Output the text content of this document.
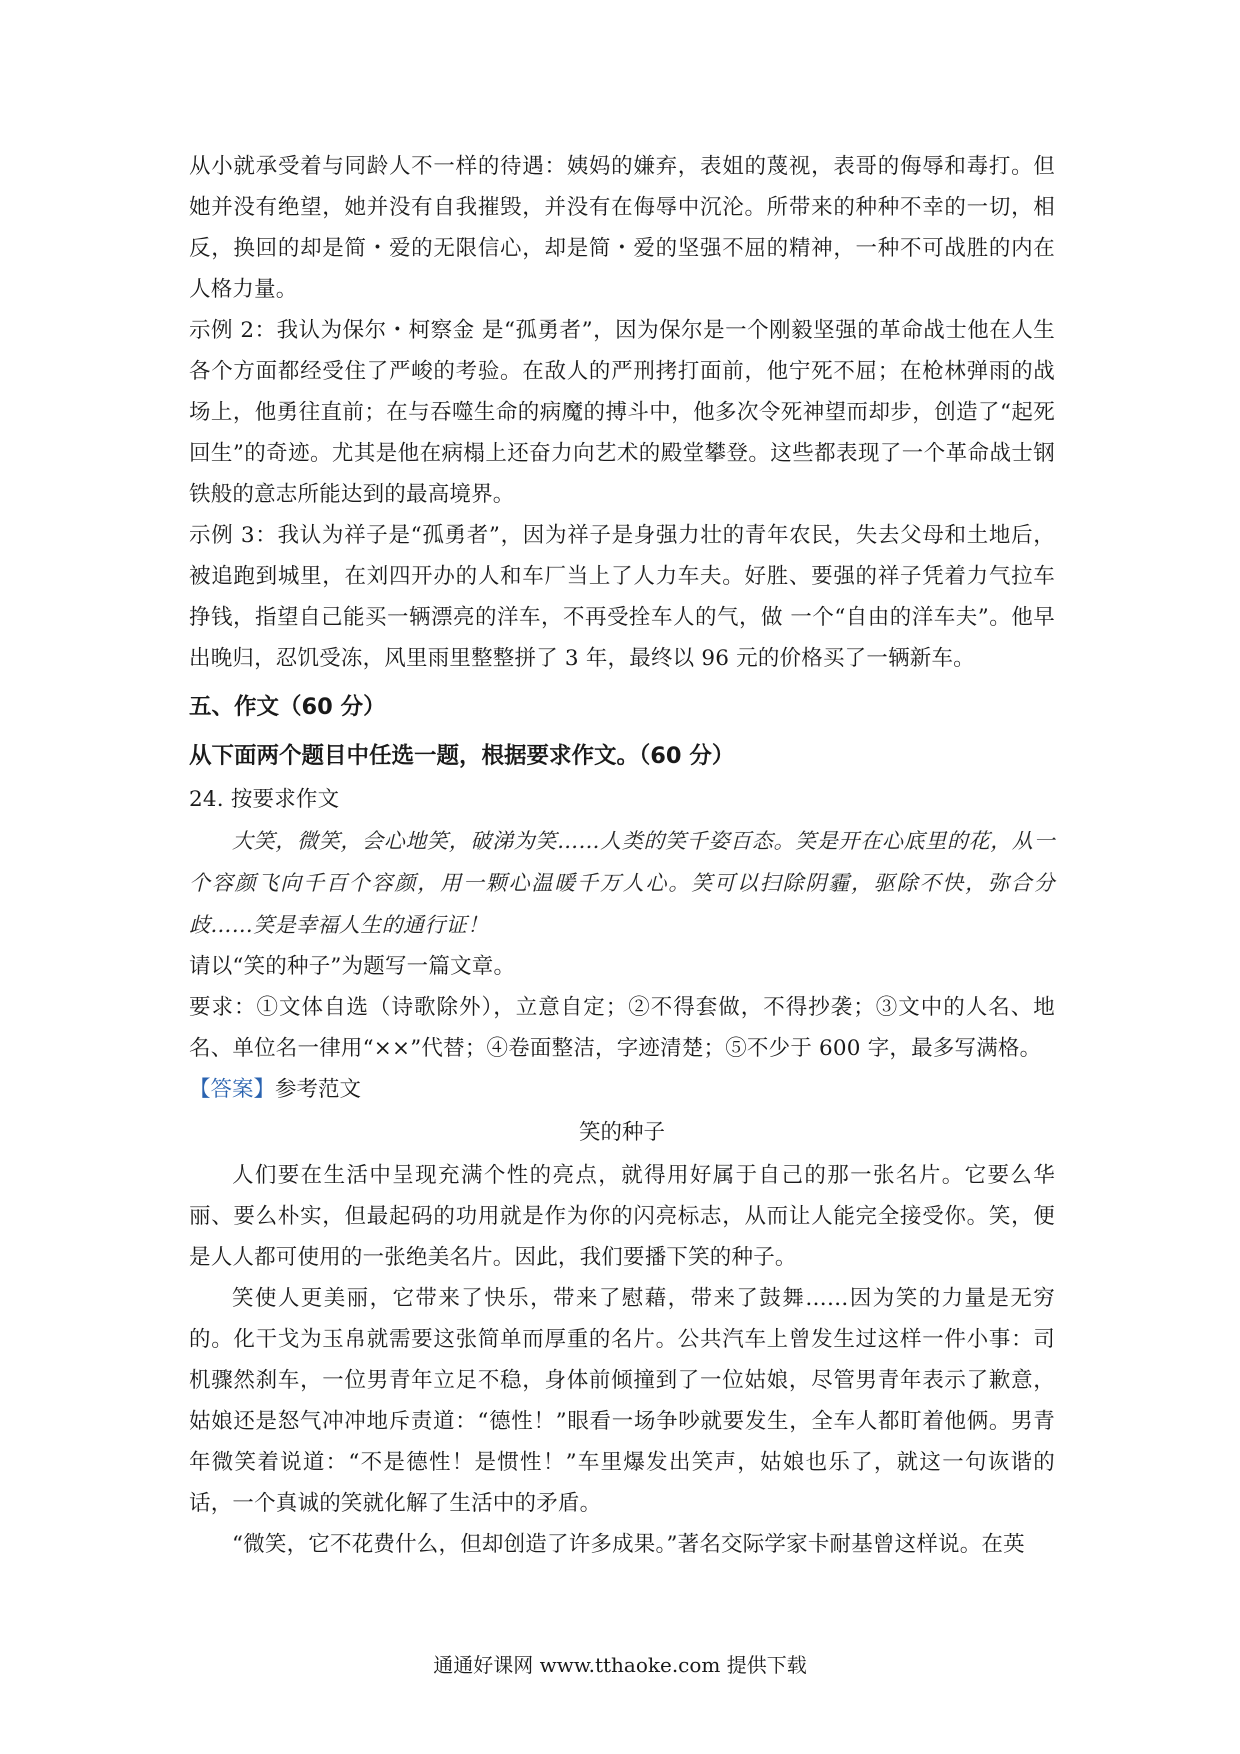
从小就承受着与同龄人不一样的待遇：姨妈的嫌弃，表姐的蔑视，表哥的侮辱和毒打。但她并没有绝望，她并没有自我摧毁，并没有在侮辱中沉沦。所带来的种种不幸的一切，相反，换回的却是简・爱的无限信心，却是简・爱的坚强不屈的精神，一种不可战胜的内在人格力量。

示例 2：我认为保尔・柯察金 是“孤勇者”，因为保尔是一个刚毅坚强的革命战士他在人生各个方面都经受住了严峻的考验。在敌人的严刑拷打面前，他宁死不屈；在枪林弹雨的战场上，他勇往直前；在与吞噬生命的病魔的搏斗中，他多次令死神望而却步，创造了“起死回生”的奇迹。尤其是他在病榻上还奋力向艺术的殿堂攀登。这些都表现了一个革命战士钢铁般的意志所能达到的最高境界。

示例 3：我认为祥子是“孤勇者”，因为祥子是身强力壮的青年农民，失去父母和土地后，被追跑到城里，在刘四开办的人和车厂当上了人力车夫。好胜、要强的祥子凭着力气拉车挣钱，指望自己能买一辆漂亮的洋车，不再受拴车人的气，做 一个“自由的洋车夫”。他早出晚归，忍饥受冻，风里雨里整整拼了 3 年，最终以 96 元的价格买了一辆新车。

五、作文（60 分）

从下面两个题目中任选一题，根据要求作文。（60 分）

24. 按要求作文

大笑，微笑，会心地笑，破涕为笑……人类的笑千姿百态。笑是开在心底里的花，从一个容颜飞向千百个容颜，用一颗心温暖千万人心。笑可以扫除阴霾，驱除不快，弥合分歧……笑是幸福人生的通行证！

请以“笑的种子”为题写一篇文章。

要求：①文体自选（诗歌除外），立意自定；②不得套做，不得抄袭；③文中的人名、地名、单位名一律用“××”代替；④卷面整洁，字迹清楚；⑤不少于 600 字，最多写满格。

【答案】参考范文

笑的种子

人们要在生活中呈现充满个性的亮点，就得用好属于自己的那一张名片。它要么华丽、要么朴实，但最起码的功用就是作为你的闪亮标志，从而让人能完全接受你。笑，便是人人都可使用的一张绝美名片。因此，我们要播下笑的种子。

笑使人更美丽，它带来了快乐，带来了慰藉，带来了鼓舞……因为笑的力量是无穷的。化干戈为玉帛就需要这张简单而厚重的名片。公共汽车上曾发生过这样一件小事：司机骤然刹车，一位男青年立足不稳，身体前倾撞到了一位姑娘，尽管男青年表示了歉意，姑娘还是怒气冲冲地斥责道：“德性！”眼看一场争吵就要发生，全车人都盯着他俩。男青年微笑着说道：“不是德性！是惯性！”车里爆发出笑声，姑娘也乐了，就这一句诙谐的话，一个真诚的笑就化解了生活中的矛盾。

“微笑，它不花费什么，但却创造了许多成果。”著名交际学家卡耐基曾这样说。在英

通通好课网 www.tthaoke.com 提供下载
